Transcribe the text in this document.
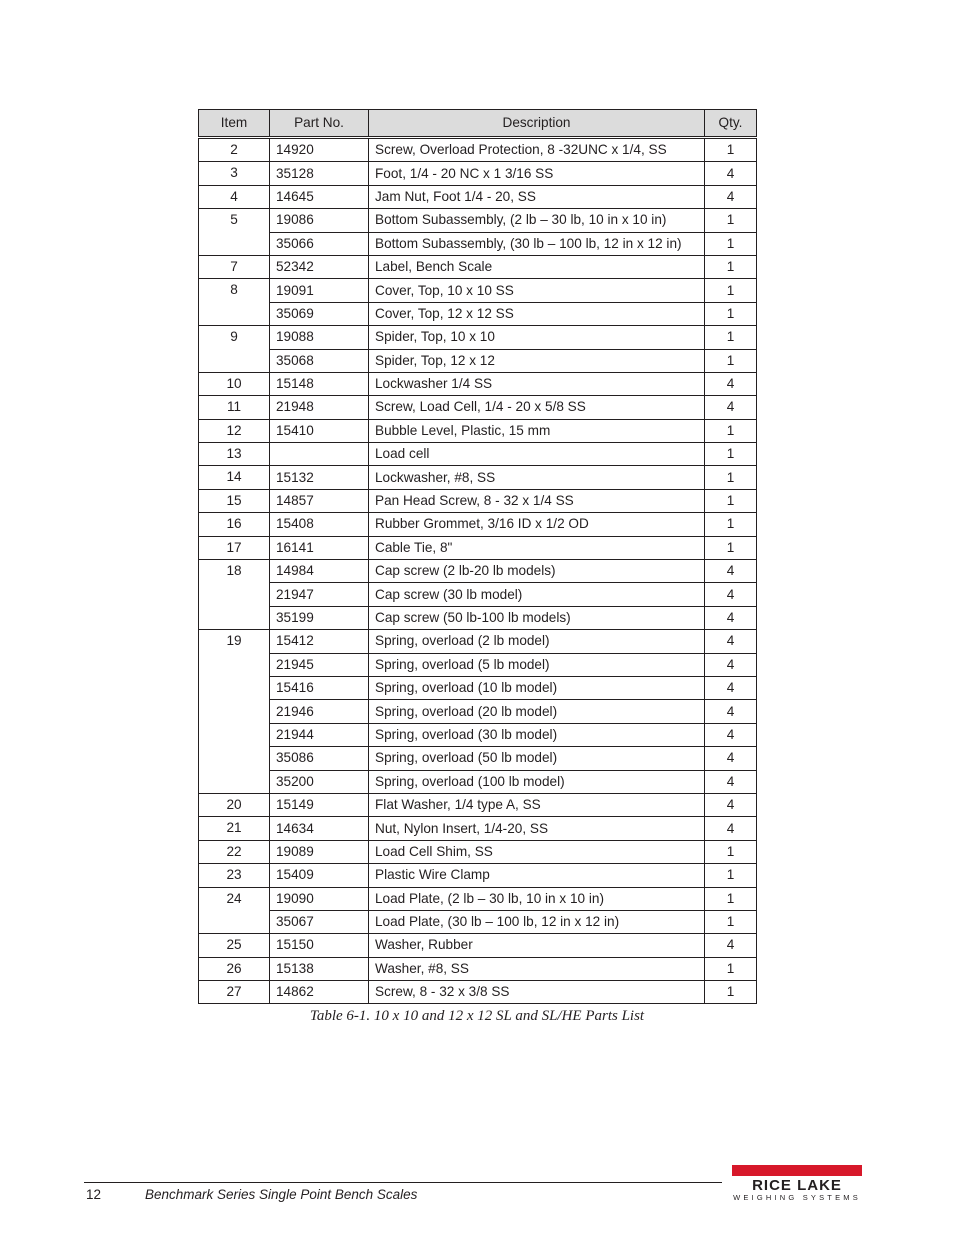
Item	Part No.	Description	Qty.
2	14920	Screw, Overload Protection, 8 -32UNC x 1/4, SS	1
3	35128	Foot, 1/4 - 20 NC x 1 3/16 SS	4
4	14645	Jam Nut, Foot 1/4 - 20, SS	4
5	19086	Bottom Subassembly, (2 lb – 30 lb, 10 in x 10 in)	1
	35066	Bottom Subassembly, (30 lb – 100 lb, 12 in x 12 in)	1
7	52342	Label, Bench Scale	1
8	19091	Cover, Top, 10 x 10 SS	1
	35069	Cover, Top, 12 x 12 SS	1
9	19088	Spider, Top, 10 x 10	1
	35068	Spider, Top, 12 x 12	1
10	15148	Lockwasher 1/4 SS	4
11	21948	Screw, Load Cell, 1/4 - 20 x 5/8 SS	4
12	15410	Bubble Level, Plastic, 15 mm	1
13		Load cell	1
14	15132	Lockwasher, #8, SS	1
15	14857	Pan Head Screw, 8 - 32 x 1/4 SS	1
16	15408	Rubber Grommet, 3/16 ID x 1/2 OD	1
17	16141	Cable Tie, 8"	1
18	14984	Cap screw (2 lb-20 lb models)	4
	21947	Cap screw (30 lb model)	4
	35199	Cap screw (50 lb-100 lb models)	4
19	15412	Spring, overload (2 lb model)	4
	21945	Spring, overload (5 lb model)	4
	15416	Spring, overload (10 lb model)	4
	21946	Spring, overload (20 lb model)	4
	21944	Spring, overload (30 lb model)	4
	35086	Spring, overload (50 lb model)	4
	35200	Spring, overload (100 lb model)	4
20	15149	Flat Washer, 1/4 type A, SS	4
21	14634	Nut, Nylon Insert, 1/4-20, SS	4
22	19089	Load Cell Shim, SS	1
23	15409	Plastic Wire Clamp	1
24	19090	Load Plate, (2 lb – 30 lb, 10 in x 10 in)	1
	35067	Load Plate, (30 lb – 100 lb, 12 in x 12 in)	1
25	15150	Washer, Rubber	4
26	15138	Washer, #8, SS	1
27	14862	Screw, 8 - 32 x 3/8 SS	1
Table 6-1. 10 x 10 and 12 x 12 SL and SL/HE Parts List
12	Benchmark Series Single Point Bench Scales
RICE LAKE
WEIGHING SYSTEMS
